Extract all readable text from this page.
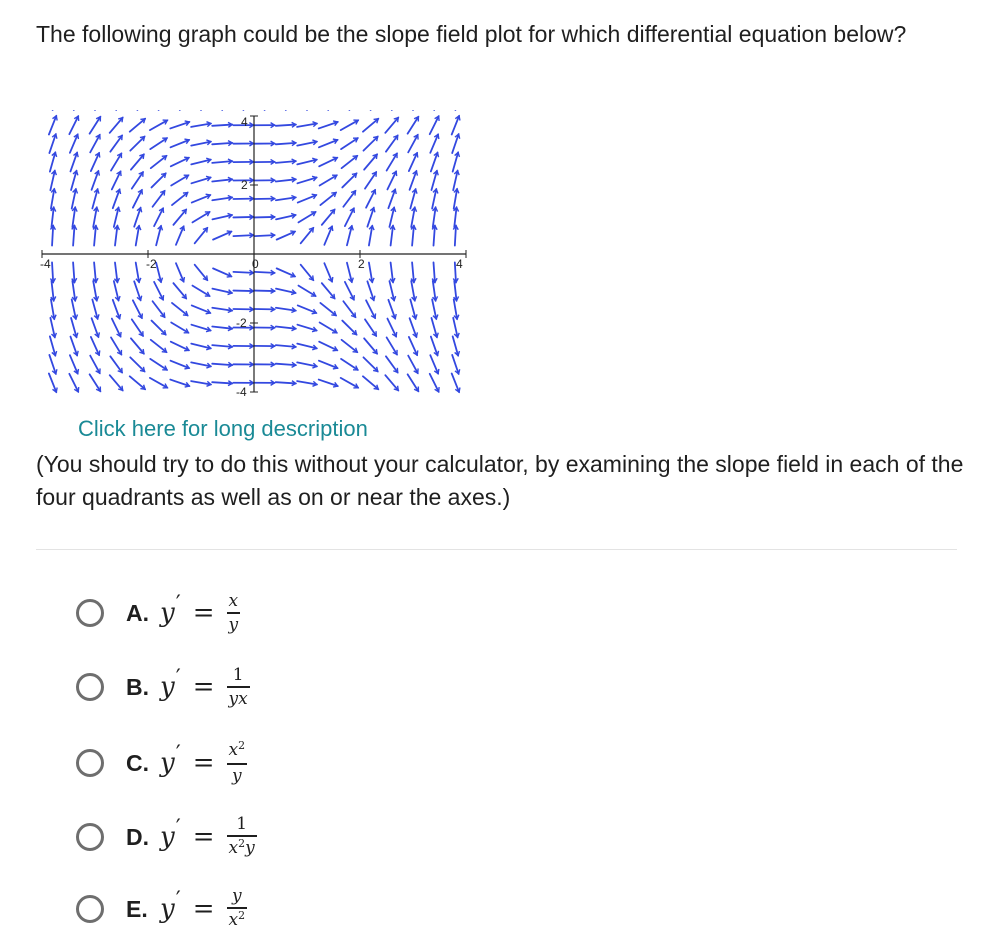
The following graph could be the slope field plot for which differential equation below?
-4	-2	0	2	4
4
2
-2
-4
Click here for long description
(You should try to do this without your calculator, by examining the slope field in each of the four quadrants as well as on or near the axes.)
A. y ′ = $\frac{x}{y}$
B. y ′ = $\frac{1}{yx}$
C. y ′ = $\frac{x^2}{y}$
D. y ′ = $\frac{1}{x^2y}$
E. y ′ = $\frac{y}{x^2}$
